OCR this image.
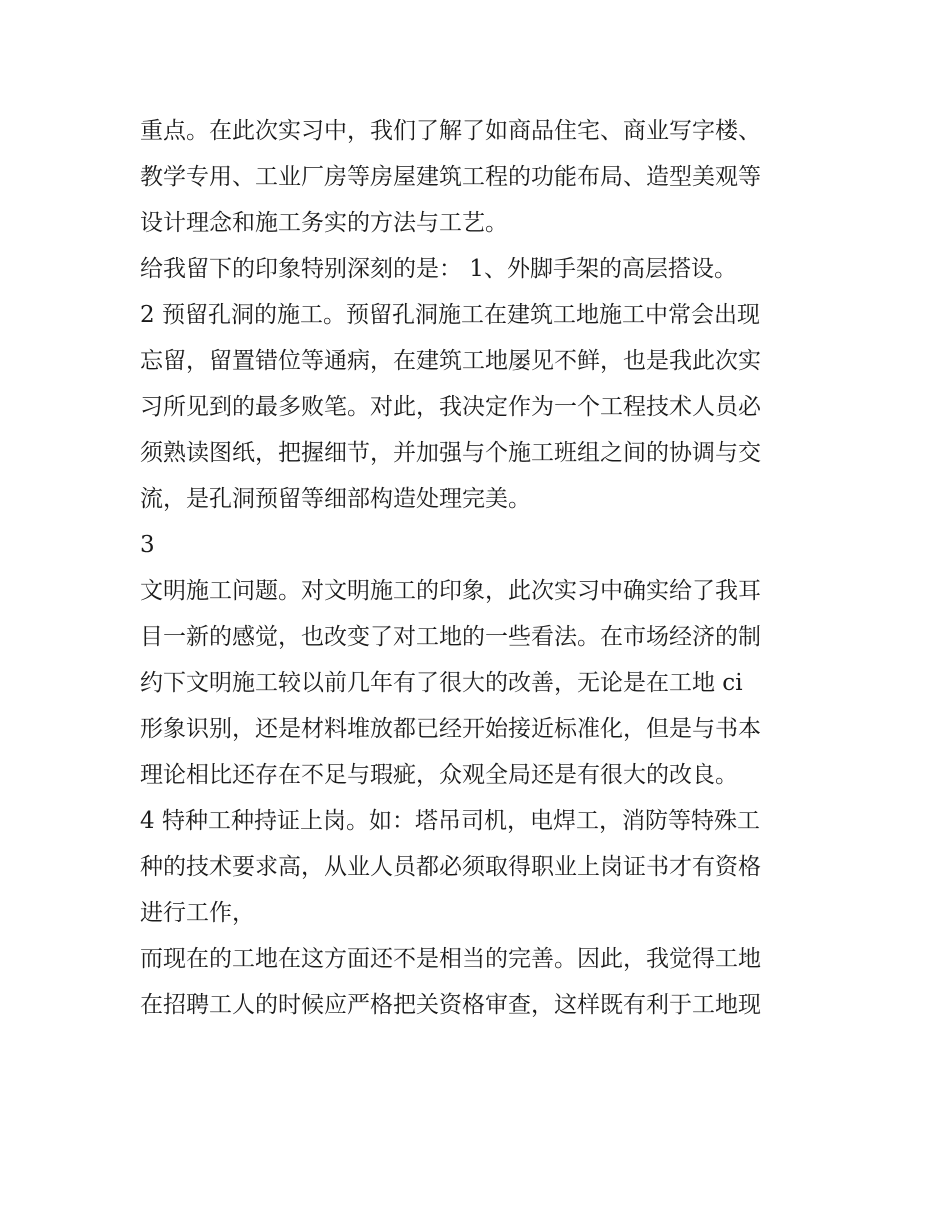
重点。在此次实习中，我们了解了如商品住宅、商业写字楼、
教学专用、工业厂房等房屋建筑工程的功能布局、造型美观等
设计理念和施工务实的方法与工艺。
给我留下的印象特别深刻的是： 1、外脚手架的高层搭设。
2 预留孔洞的施工。预留孔洞施工在建筑工地施工中常会出现
忘留，留置错位等通病，在建筑工地屡见不鲜，也是我此次实
习所见到的最多败笔。对此，我决定作为一个工程技术人员必
须熟读图纸，把握细节，并加强与个施工班组之间的协调与交
流，是孔洞预留等细部构造处理完美。
3
文明施工问题。对文明施工的印象，此次实习中确实给了我耳
目一新的感觉，也改变了对工地的一些看法。在市场经济的制
约下文明施工较以前几年有了很大的改善，无论是在工地 ci
形象识别，还是材料堆放都已经开始接近标准化，但是与书本
理论相比还存在不足与瑕疵，众观全局还是有很大的改良。
4 特种工种持证上岗。如：塔吊司机，电焊工，消防等特殊工
种的技术要求高，从业人员都必须取得职业上岗证书才有资格
进行工作，
而现在的工地在这方面还不是相当的完善。因此，我觉得工地
在招聘工人的时候应严格把关资格审查，这样既有利于工地现
